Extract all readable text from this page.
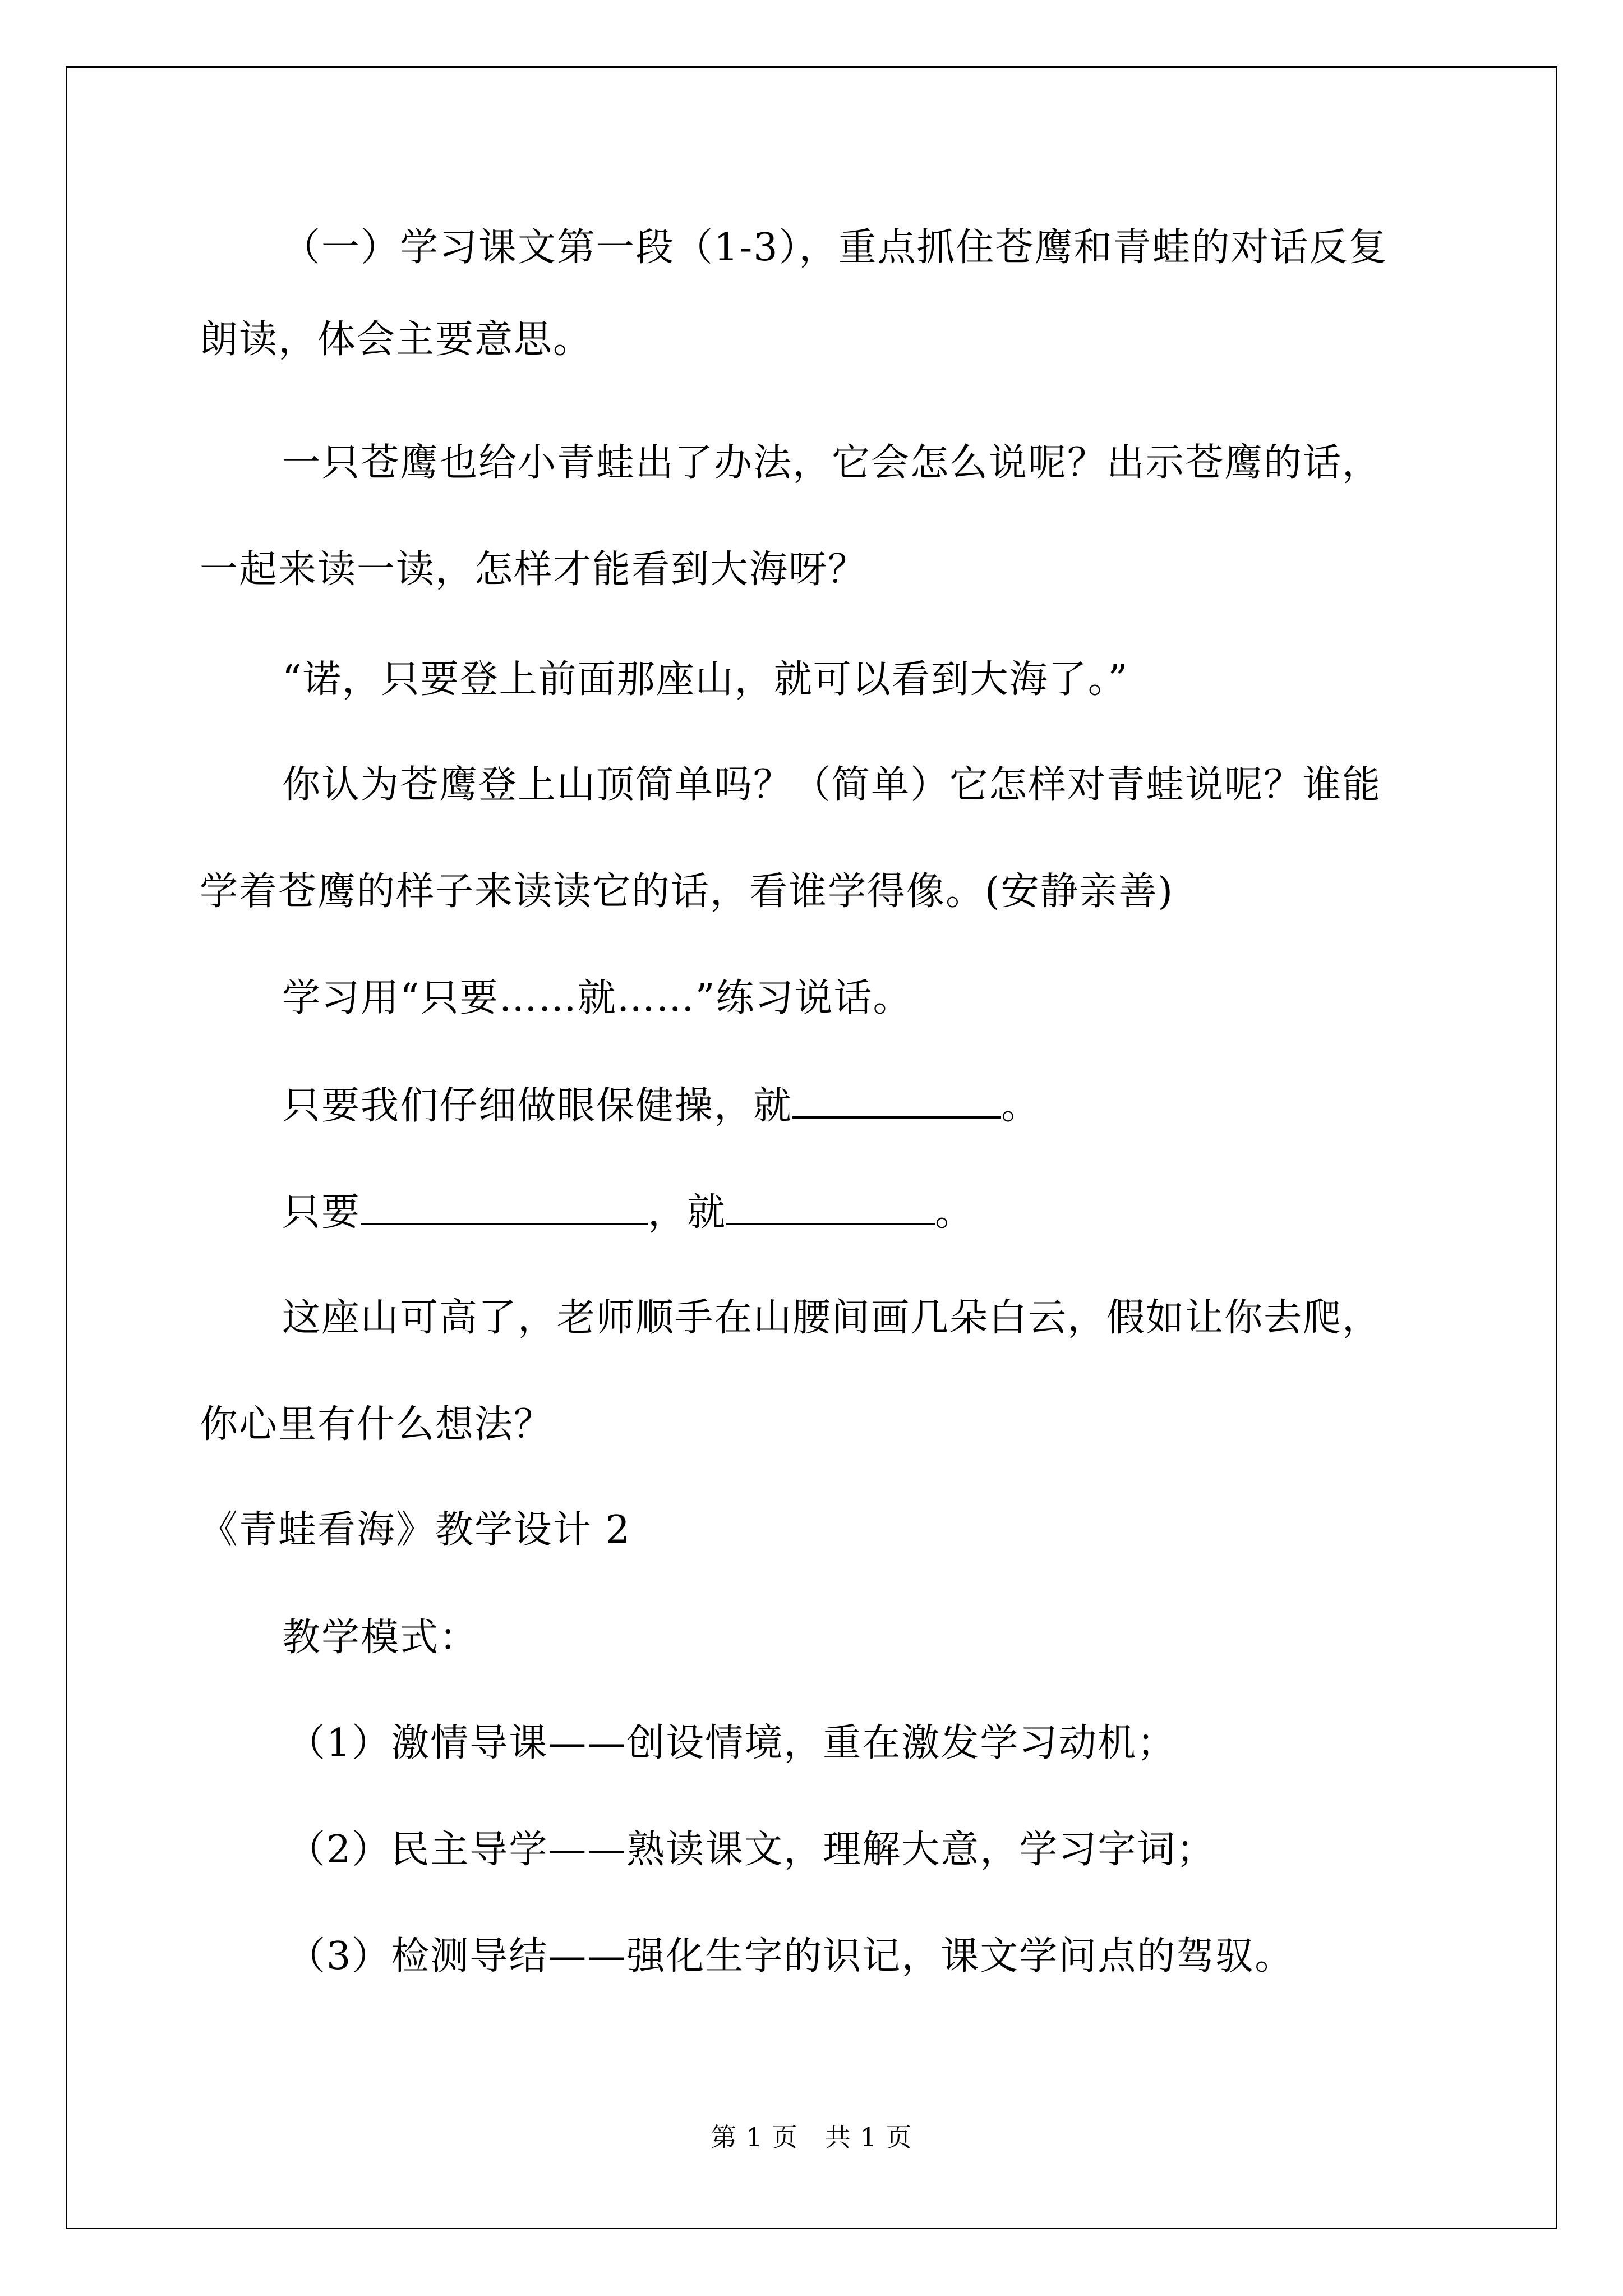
（一）学习课文第一段（1-3），重点抓住苍鹰和青蛙的对话反复
朗读，体会主要意思。
一只苍鹰也给小青蛙出了办法，它会怎么说呢？出示苍鹰的话，
一起来读一读，怎样才能看到大海呀？
“诺，只要登上前面那座山，就可以看到大海了。”
你认为苍鹰登上山顶简单吗？（简单）它怎样对青蛙说呢？谁能
学着苍鹰的样子来读读它的话，看谁学得像。(安静亲善)
学习用“只要……就……”练习说话。
只要我们仔细做眼保健操，就	。
只要	，就	。
这座山可高了，老师顺手在山腰间画几朵白云，假如让你去爬，
你心里有什么想法？
《青蛙看海》教学设计 2
教学模式：
（1）激情导课——创设情境，重在激发学习动机；
（2）民主导学——熟读课文，理解大意，学习字词；
（3）检测导结——强化生字的识记，课文学问点的驾驭。
第 1 页 共 1 页
